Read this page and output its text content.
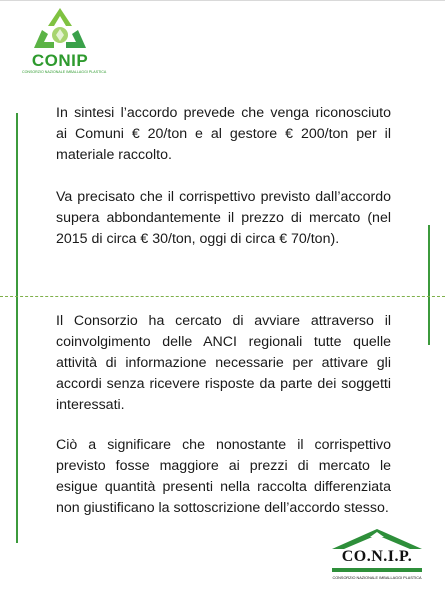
CONIP
CONSORZIO NAZIONALE IMBALLAGGI PLASTICA

In sintesi l’accordo prevede che venga riconosciuto ai Comuni € 20/ton e al gestore € 200/ton per il materiale raccolto.

Va precisato che il corrispettivo previsto dall’accordo supera abbondantemente il prezzo di mercato (nel 2015 di circa € 30/ton, oggi di circa € 70/ton).

Il Consorzio ha cercato di avviare attraverso il coinvolgimento delle ANCI regionali tutte quelle attività di informazione necessarie per attivare gli accordi senza ricevere risposte da parte dei soggetti interessati.

Ciò a significare che nonostante il corrispettivo previsto fosse maggiore ai prezzi di mercato le esigue quantità presenti nella raccolta differenziata non giustificano la sottoscrizione dell’accordo stesso.

CO.N.I.P.
CONSORZIO NAZIONALE IMBALLAGGI PLASTICA
